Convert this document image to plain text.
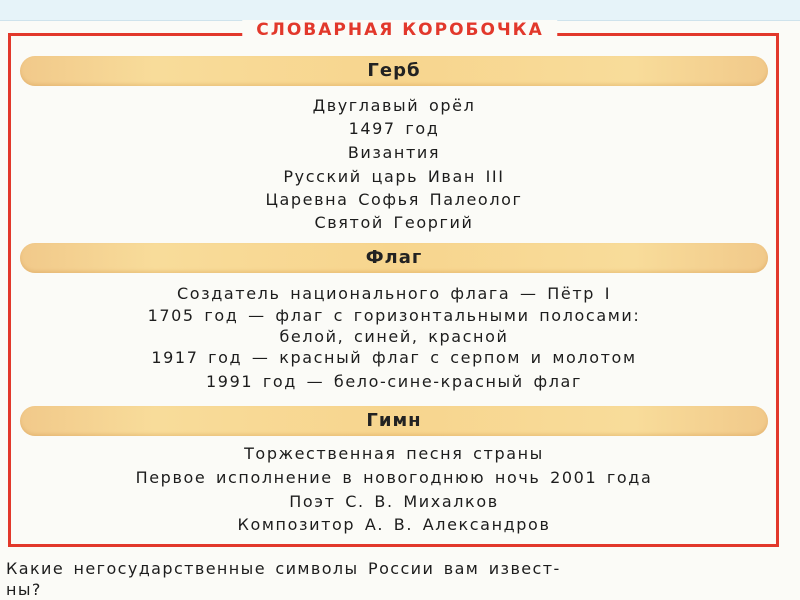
СЛОВАРНАЯ КОРОБОЧКА
Герб
Двуглавый орёл
1497 год
Византия
Русский царь Иван III
Царевна Софья Палеолог
Святой Георгий
Флаг
Создатель национального флага — Пётр I
1705 год — флаг с горизонтальными полосами:
белой, синей, красной
1917 год — красный флаг с серпом и молотом
1991 год — бело-сине-красный флаг
Гимн
Торжественная песня страны
Первое исполнение в новогоднюю ночь 2001 года
Поэт С. В. Михалков
Композитор А. В. Александров
Какие негосударственные символы России вам извест-
ны?
